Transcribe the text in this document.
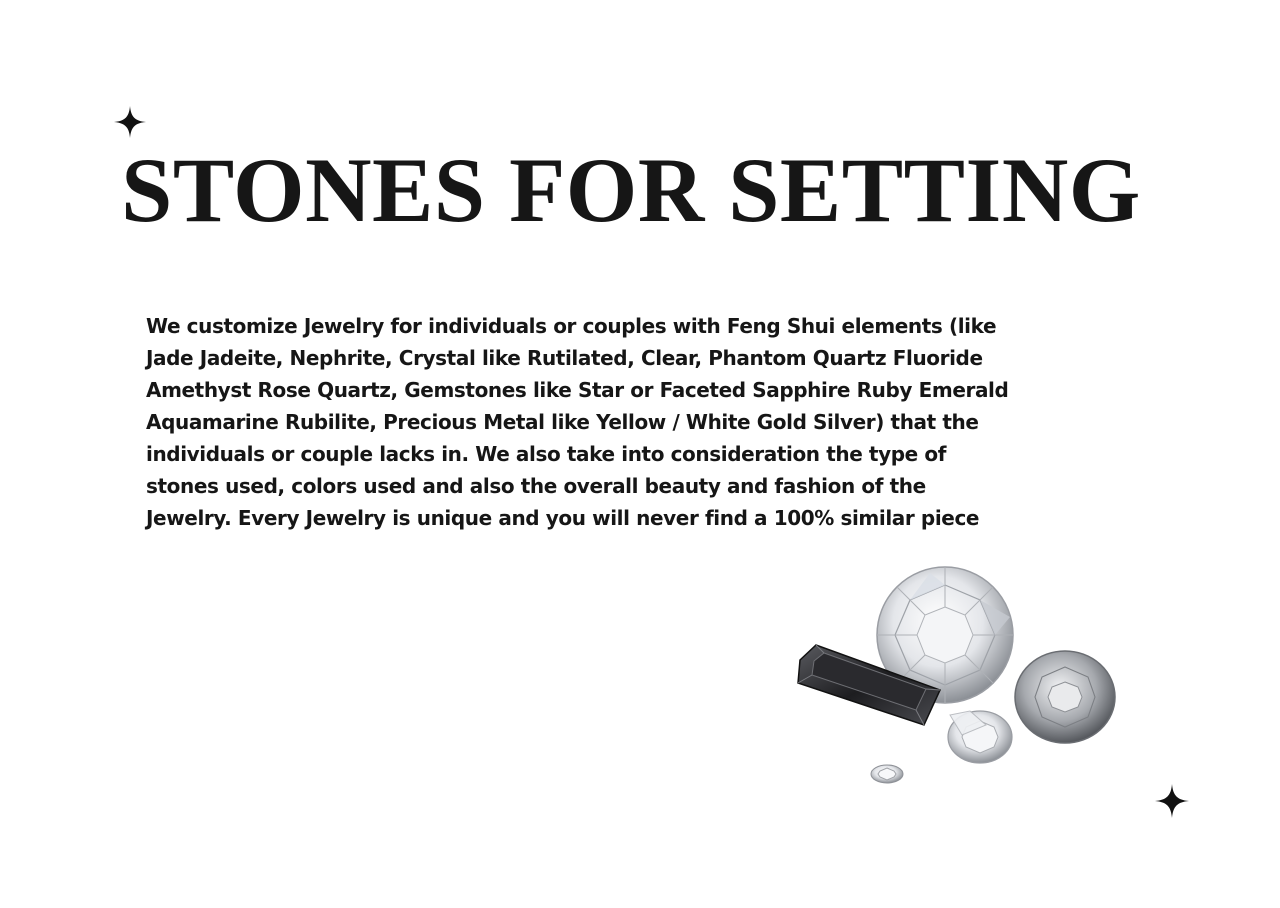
STONES FOR SETTING

We customize Jewelry for individuals or couples with Feng Shui elements (like Jade Jadeite, Nephrite, Crystal like Rutilated, Clear, Phantom Quartz Fluoride Amethyst Rose Quartz, Gemstones like Star or Faceted Sapphire Ruby Emerald Aquamarine Rubilite, Precious Metal like Yellow / White Gold Silver) that the individuals or couple lacks in. We also take into consideration the type of stones used, colors used and also the overall beauty and fashion of the Jewelry. Every Jewelry is unique and you will never find a 100% similar piece
